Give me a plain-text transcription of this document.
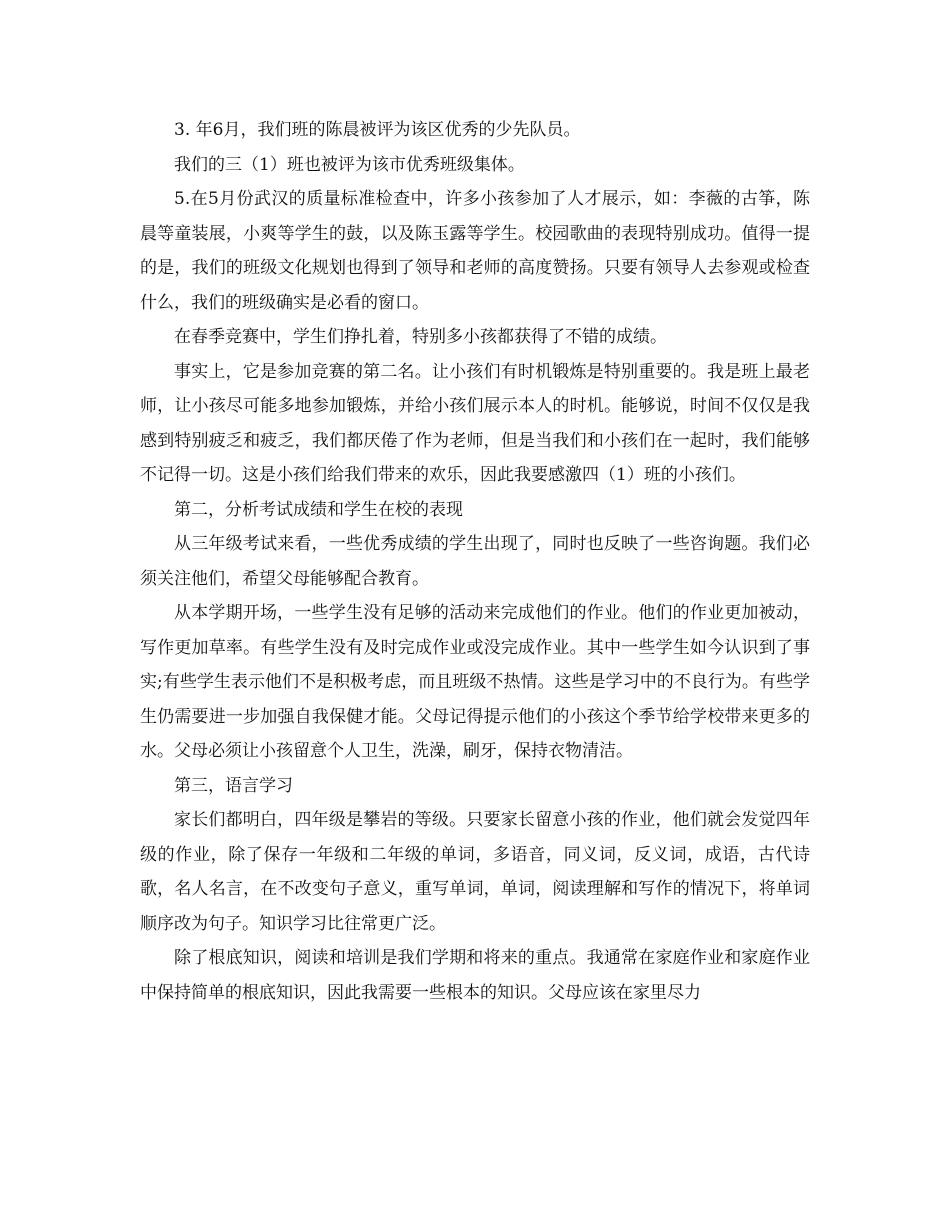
3. 年6月，我们班的陈晨被评为该区优秀的少先队员。

我们的三（1）班也被评为该市优秀班级集体。

5.在5月份武汉的质量标准检查中，许多小孩参加了人才展示，如：李薇的古筝，陈晨等童装展，小爽等学生的鼓，以及陈玉露等学生。校园歌曲的表现特别成功。值得一提的是，我们的班级文化规划也得到了领导和老师的高度赞扬。只要有领导人去参观或检查什么，我们的班级确实是必看的窗口。

在春季竞赛中，学生们挣扎着，特别多小孩都获得了不错的成绩。

事实上，它是参加竞赛的第二名。让小孩们有时机锻炼是特别重要的。我是班上最老师，让小孩尽可能多地参加锻炼，并给小孩们展示本人的时机。能够说，时间不仅仅是我感到特别疲乏和疲乏，我们都厌倦了作为老师，但是当我们和小孩们在一起时，我们能够不记得一切。这是小孩们给我们带来的欢乐，因此我要感激四（1）班的小孩们。

第二，分析考试成绩和学生在校的表现

从三年级考试来看，一些优秀成绩的学生出现了，同时也反映了一些咨询题。我们必须关注他们，希望父母能够配合教育。

从本学期开场，一些学生没有足够的活动来完成他们的作业。他们的作业更加被动，写作更加草率。有些学生没有及时完成作业或没完成作业。其中一些学生如今认识到了事实;有些学生表示他们不是积极考虑，而且班级不热情。这些是学习中的不良行为。有些学生仍需要进一步加强自我保健才能。父母记得提示他们的小孩这个季节给学校带来更多的水。父母必须让小孩留意个人卫生，洗澡，刷牙，保持衣物清洁。

第三，语言学习

家长们都明白，四年级是攀岩的等级。只要家长留意小孩的作业，他们就会发觉四年级的作业，除了保存一年级和二年级的单词，多语音，同义词，反义词，成语，古代诗歌，名人名言，在不改变句子意义，重写单词，单词，阅读理解和写作的情况下，将单词顺序改为句子。知识学习比往常更广泛。

除了根底知识，阅读和培训是我们学期和将来的重点。我通常在家庭作业和家庭作业中保持简单的根底知识，因此我需要一些根本的知识。父母应该在家里尽力
